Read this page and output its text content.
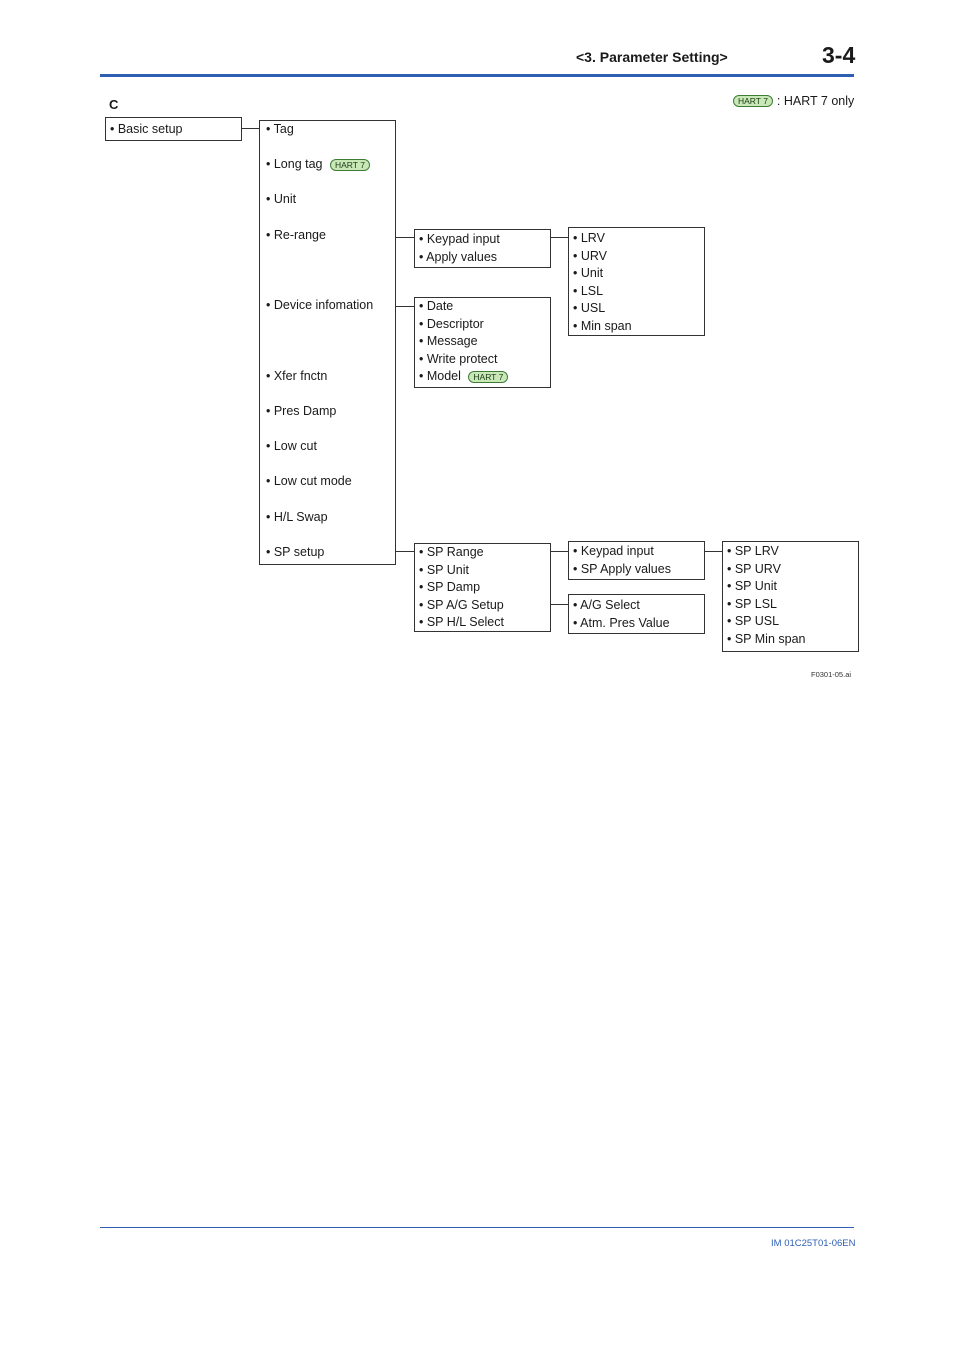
<3. Parameter Setting>	3-4
C	HART 7 : HART 7 only
• Basic setup	• Tag
• Long tag HART 7
• Unit
• Re-range
• Device infomation
• Xfer fnctn
• Pres Damp
• Low cut
• Low cut mode
• H/L Swap
• SP setup
• Keypad input
• Apply values
• LRV
• URV
• Unit
• LSL
• USL
• Min span
• Date
• Descriptor
• Message
• Write protect
• Model HART 7
• SP Range
• SP Unit
• SP Damp
• SP A/G Setup
• SP H/L Select
• Keypad input
• SP Apply values
• A/G Select
• Atm. Pres Value
• SP LRV
• SP URV
• SP Unit
• SP LSL
• SP USL
• SP Min span
F0301-05.ai
IM 01C25T01-06EN
